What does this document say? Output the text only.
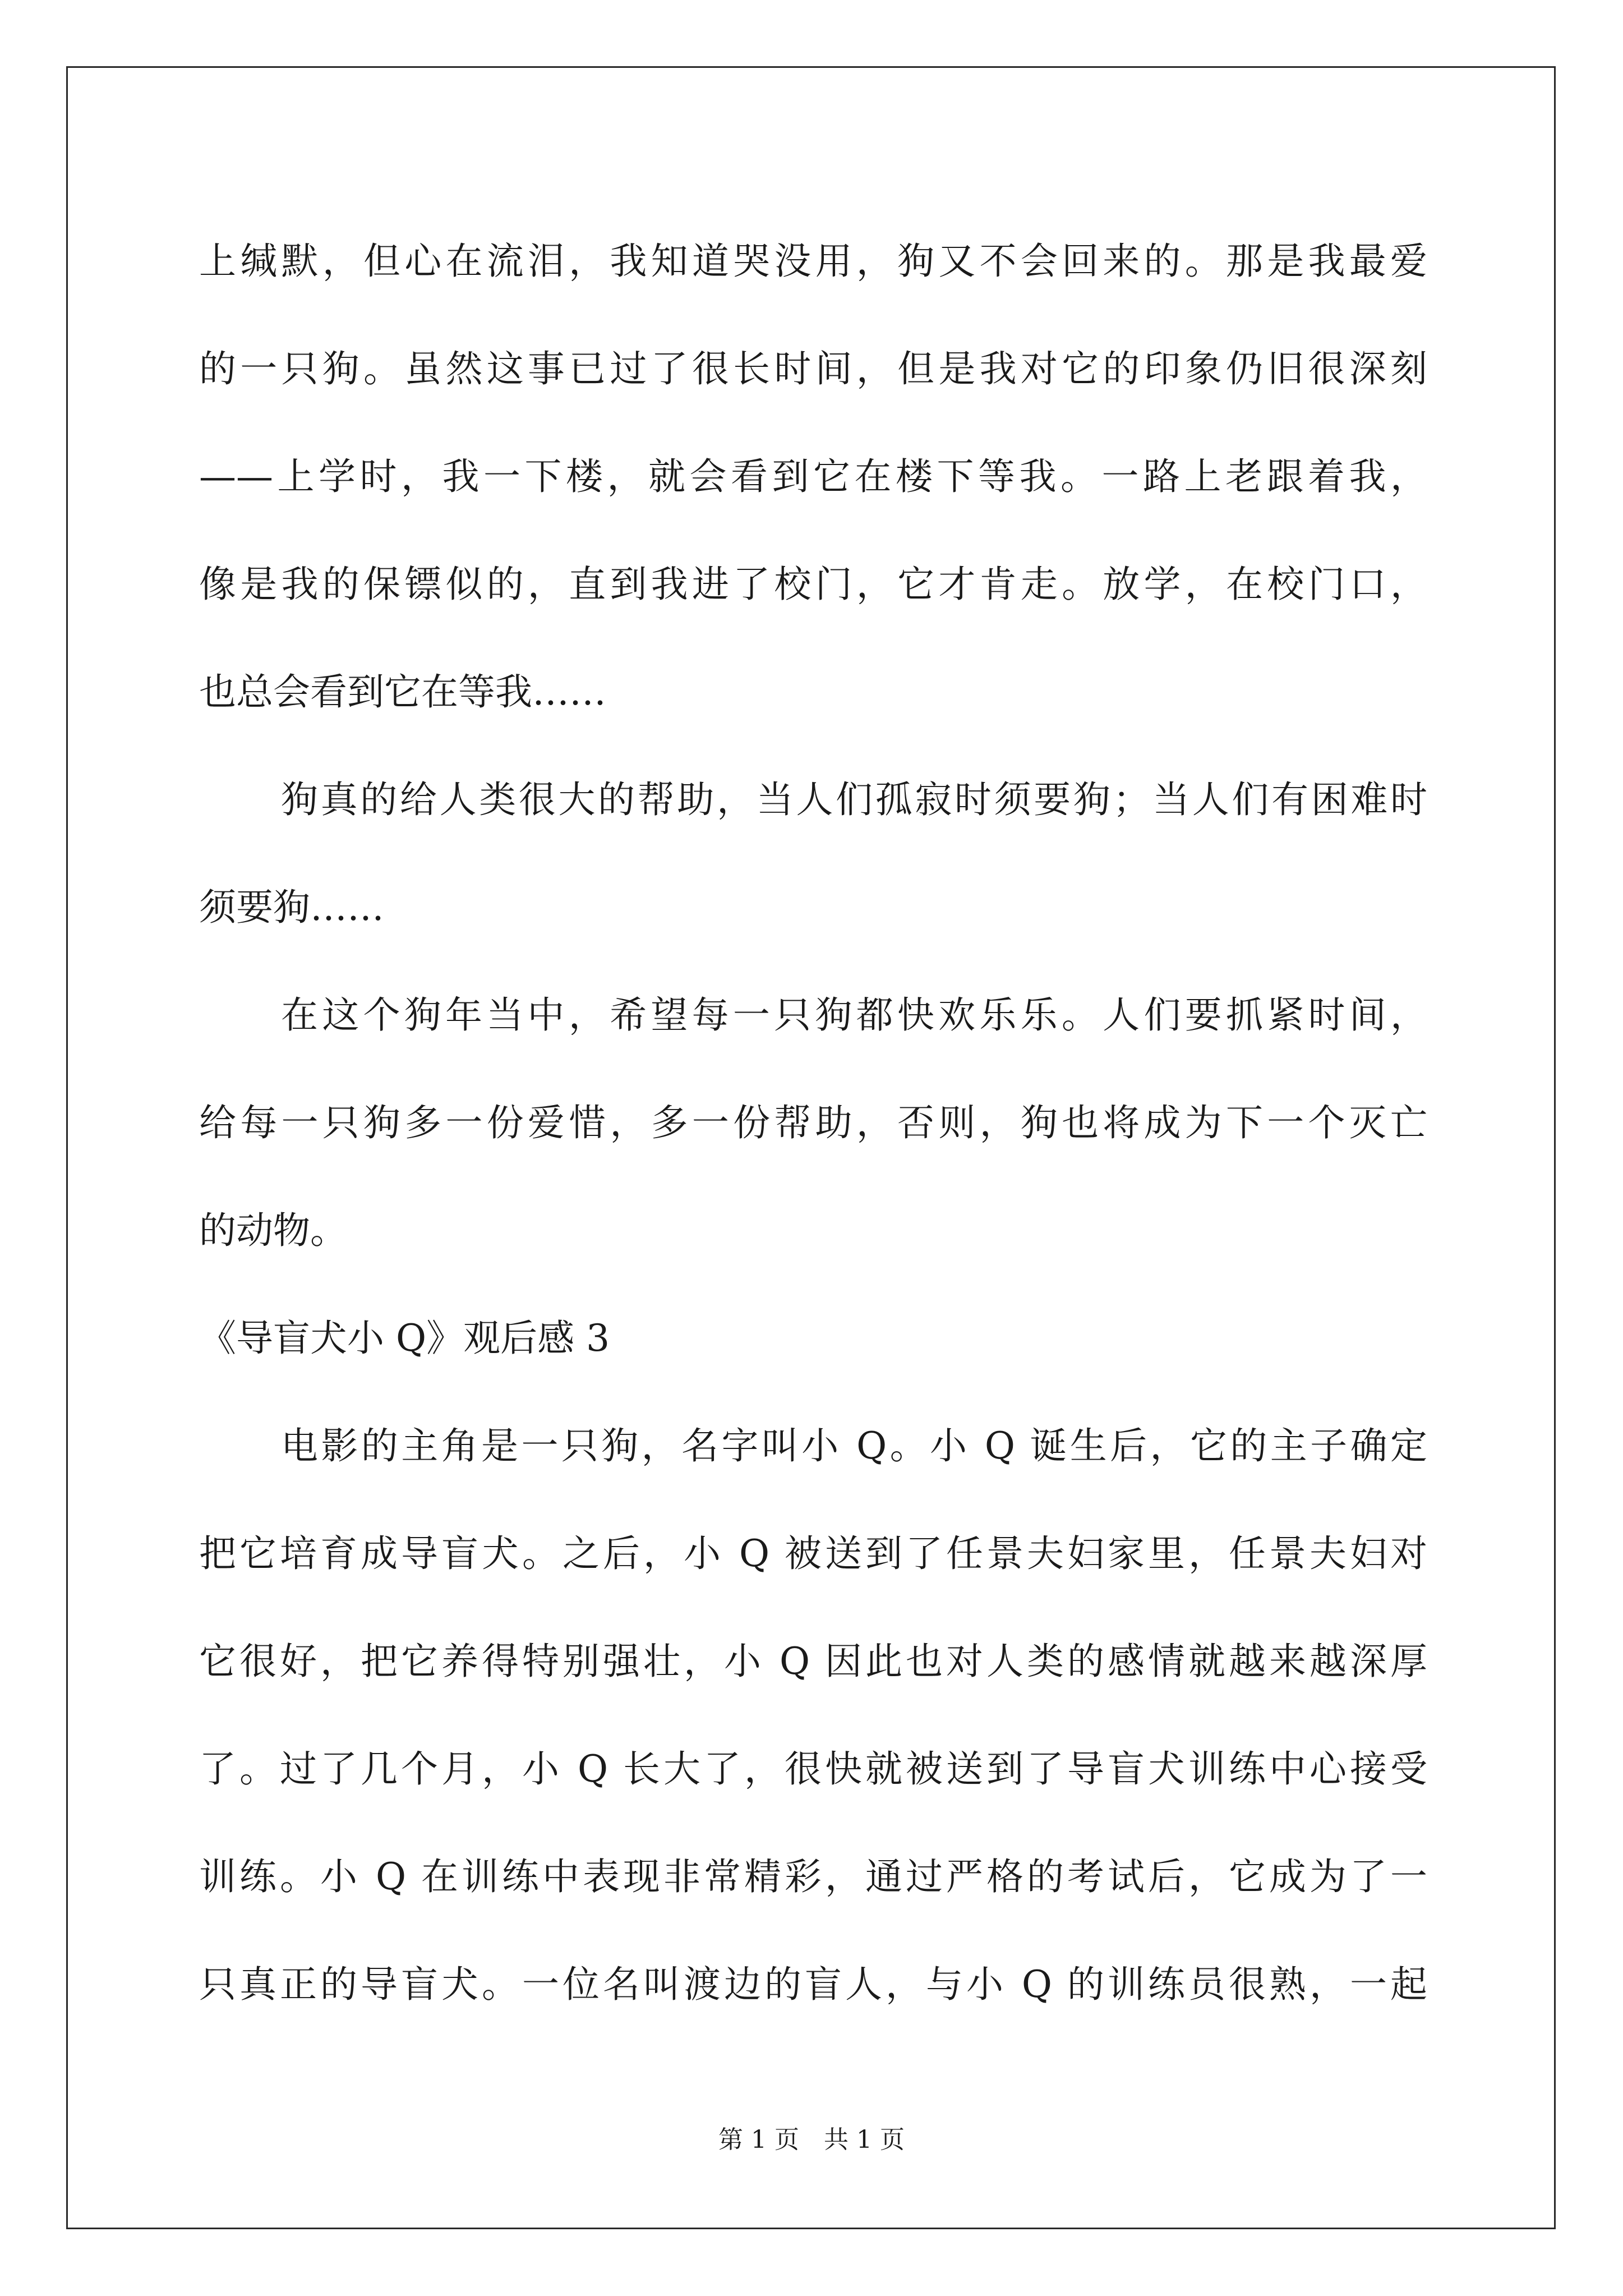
上缄默，但心在流泪，我知道哭没用，狗又不会回来的。那是我最爱
的一只狗。虽然这事已过了很长时间，但是我对它的印象仍旧很深刻
——上学时，我一下楼，就会看到它在楼下等我。一路上老跟着我，
像是我的保镖似的，直到我进了校门，它才肯走。放学，在校门口，
也总会看到它在等我……
狗真的给人类很大的帮助，当人们孤寂时须要狗；当人们有困难时
须要狗……
在这个狗年当中，希望每一只狗都快欢乐乐。人们要抓紧时间，
给每一只狗多一份爱惜，多一份帮助，否则，狗也将成为下一个灭亡
的动物。
《导盲犬小 Q》观后感 3
电影的主角是一只狗，名字叫小 Q。小 Q 诞生后，它的主子确定
把它培育成导盲犬。之后，小 Q 被送到了任景夫妇家里，任景夫妇对
它很好，把它养得特别强壮，小 Q 因此也对人类的感情就越来越深厚
了。过了几个月，小 Q 长大了，很快就被送到了导盲犬训练中心接受
训练。小 Q 在训练中表现非常精彩，通过严格的考试后，它成为了一
只真正的导盲犬。一位名叫渡边的盲人，与小 Q 的训练员很熟，一起
第 1 页　共 1 页
